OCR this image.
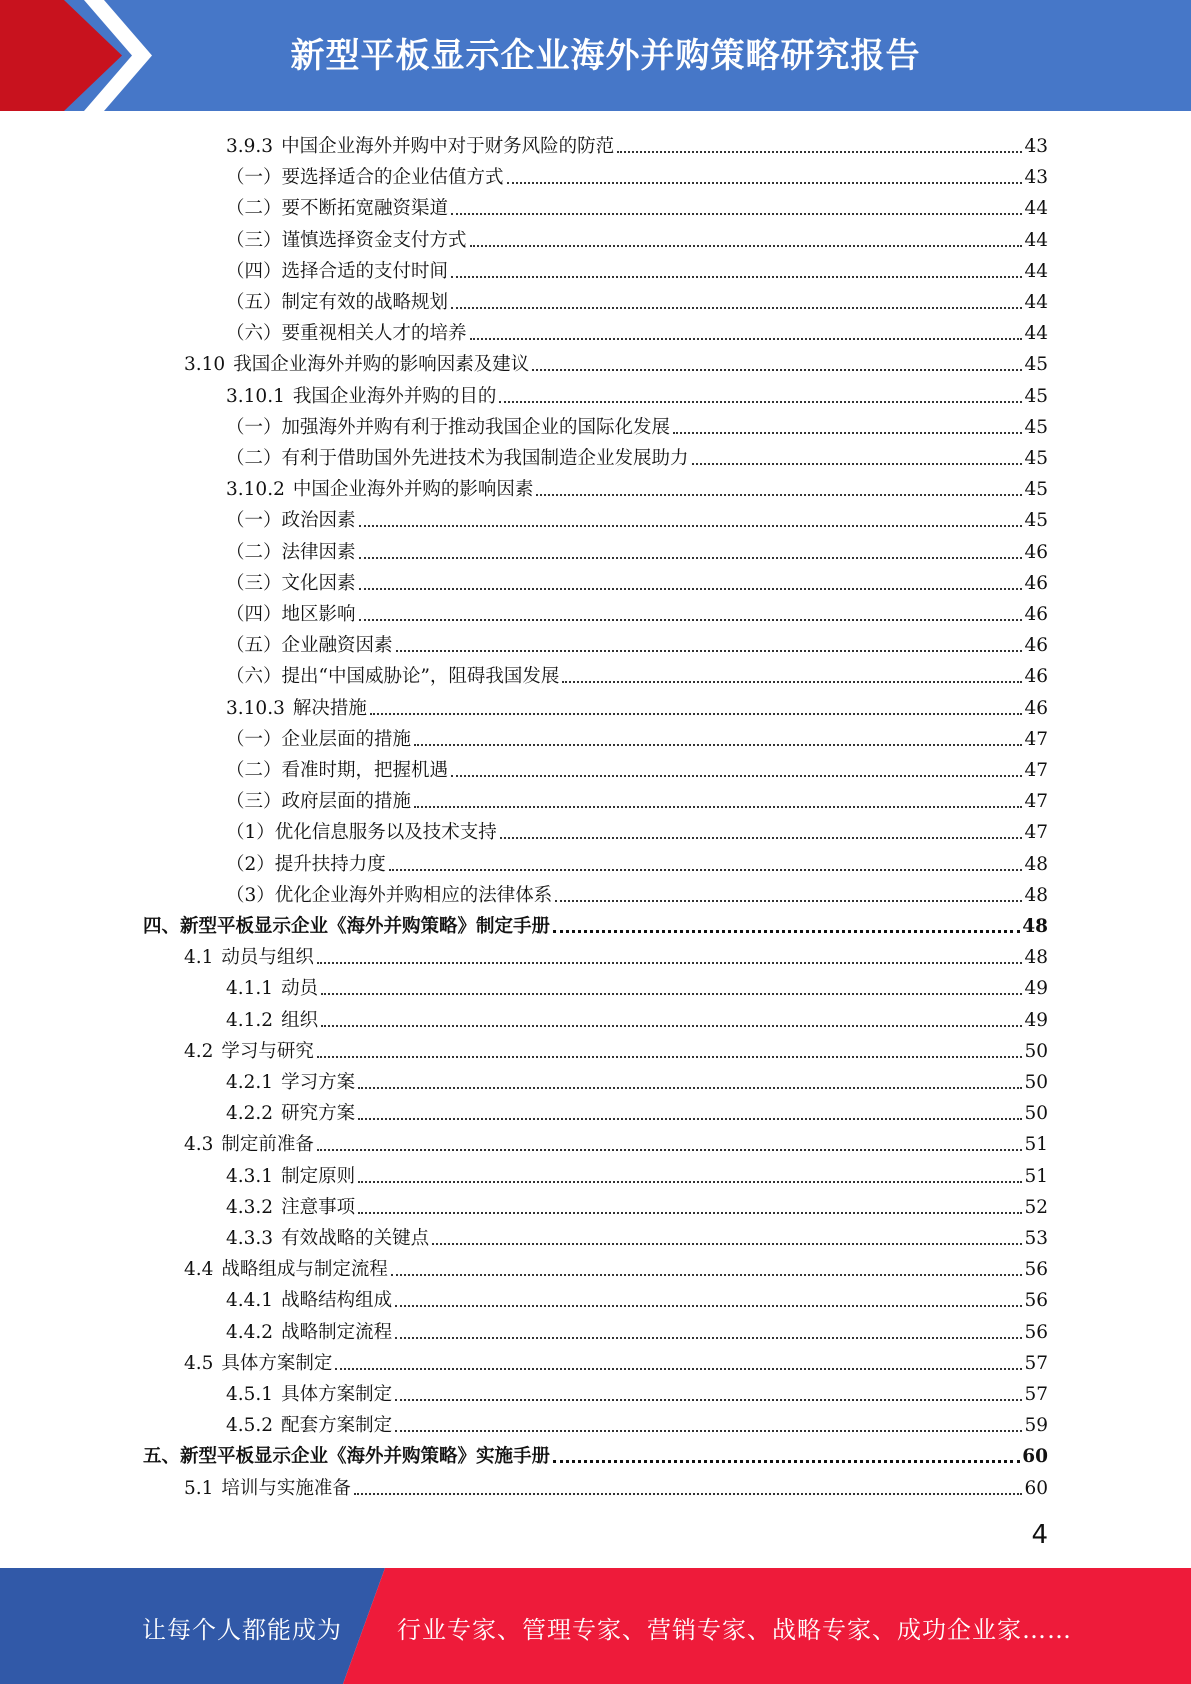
新型平板显示企业海外并购策略研究报告
3.9.3 中国企业海外并购中对于财务风险的防范	43
（一）要选择适合的企业估值方式	43
（二）要不断拓宽融资渠道	44
（三）谨慎选择资金支付方式	44
（四）选择合适的支付时间	44
（五）制定有效的战略规划	44
（六）要重视相关人才的培养	44
3.10 我国企业海外并购的影响因素及建议	45
3.10.1 我国企业海外并购的目的	45
（一）加强海外并购有利于推动我国企业的国际化发展	45
（二）有利于借助国外先进技术为我国制造企业发展助力	45
3.10.2 中国企业海外并购的影响因素	45
（一）政治因素	45
（二）法律因素	46
（三）文化因素	46
（四）地区影响	46
（五）企业融资因素	46
（六）提出“中国威胁论”，阻碍我国发展	46
3.10.3 解决措施	46
（一）企业层面的措施	47
（二）看准时期，把握机遇	47
（三）政府层面的措施	47
（1）优化信息服务以及技术支持	47
（2）提升扶持力度	48
（3）优化企业海外并购相应的法律体系	48
四、新型平板显示企业《海外并购策略》制定手册	48
4.1 动员与组织	48
4.1.1 动员	49
4.1.2 组织	49
4.2 学习与研究	50
4.2.1 学习方案	50
4.2.2 研究方案	50
4.3 制定前准备	51
4.3.1 制定原则	51
4.3.2 注意事项	52
4.3.3 有效战略的关键点	53
4.4 战略组成与制定流程	56
4.4.1 战略结构组成	56
4.4.2 战略制定流程	56
4.5 具体方案制定	57
4.5.1 具体方案制定	57
4.5.2 配套方案制定	59
五、新型平板显示企业《海外并购策略》实施手册	60
5.1 培训与实施准备	60
4
让每个人都能成为 行业专家、管理专家、营销专家、战略专家、成功企业家……
